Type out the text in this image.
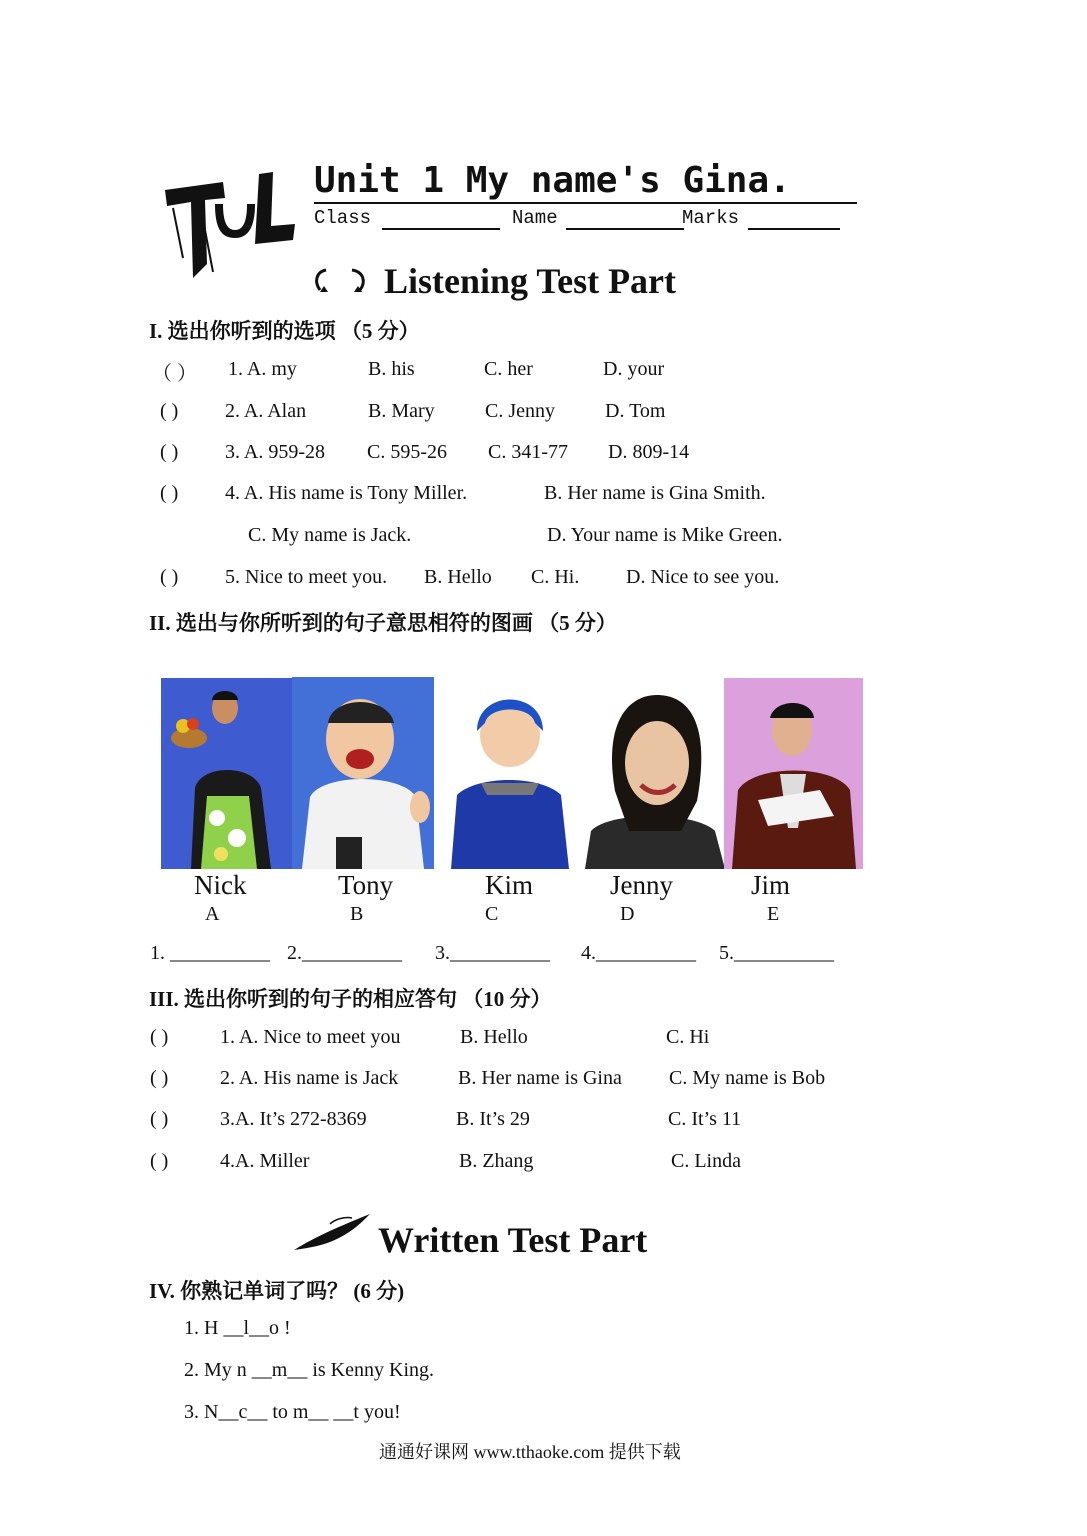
Unit 1 My name's Gina.
Class	Name	Marks
Listening Test Part
I. 选出你听到的选项 （5 分）
（ ） 1. A. my	B. his	C. her	D. your
( ) 2. A. Alan	B. Mary	C. Jenny	D. Tom
( ) 3. A. 959-28 C. 595-26 C. 341-77 D. 809-14
( ) 4. A. His name is Tony Miller.	B. Her name is Gina Smith.
C. My name is Jack.	D. Your name is Mike Green.
( ) 5. Nice to meet you. B. Hello C. Hi. D. Nice to see you.
II. 选出与你所听到的句子意思相符的图画 （5 分）
Nick
A
Tony
B
Kim
C
Jenny
D
Jim
E
1. __________ 2.__________ 3.__________ 4.__________ 5.__________
III. 选出你听到的句子的相应答句 （10 分）
( )	1. A. Nice to meet you	B. Hello	C. Hi
( )	2. A. His name is Jack	B. Her name is Gina C. My name is Bob
( )	3.A. It’s 272-8369	B. It’s 29	C. It’s 11
( )	4.A. Miller	B. Zhang	C. Linda
Written Test Part
IV. 你熟记单词了吗？ (6 分)
1. H __l__o !
2. My n __m__ is Kenny King.
3. N__c__ to m__ __t you!
通通好课网 www.tthaoke.com 提供下载
